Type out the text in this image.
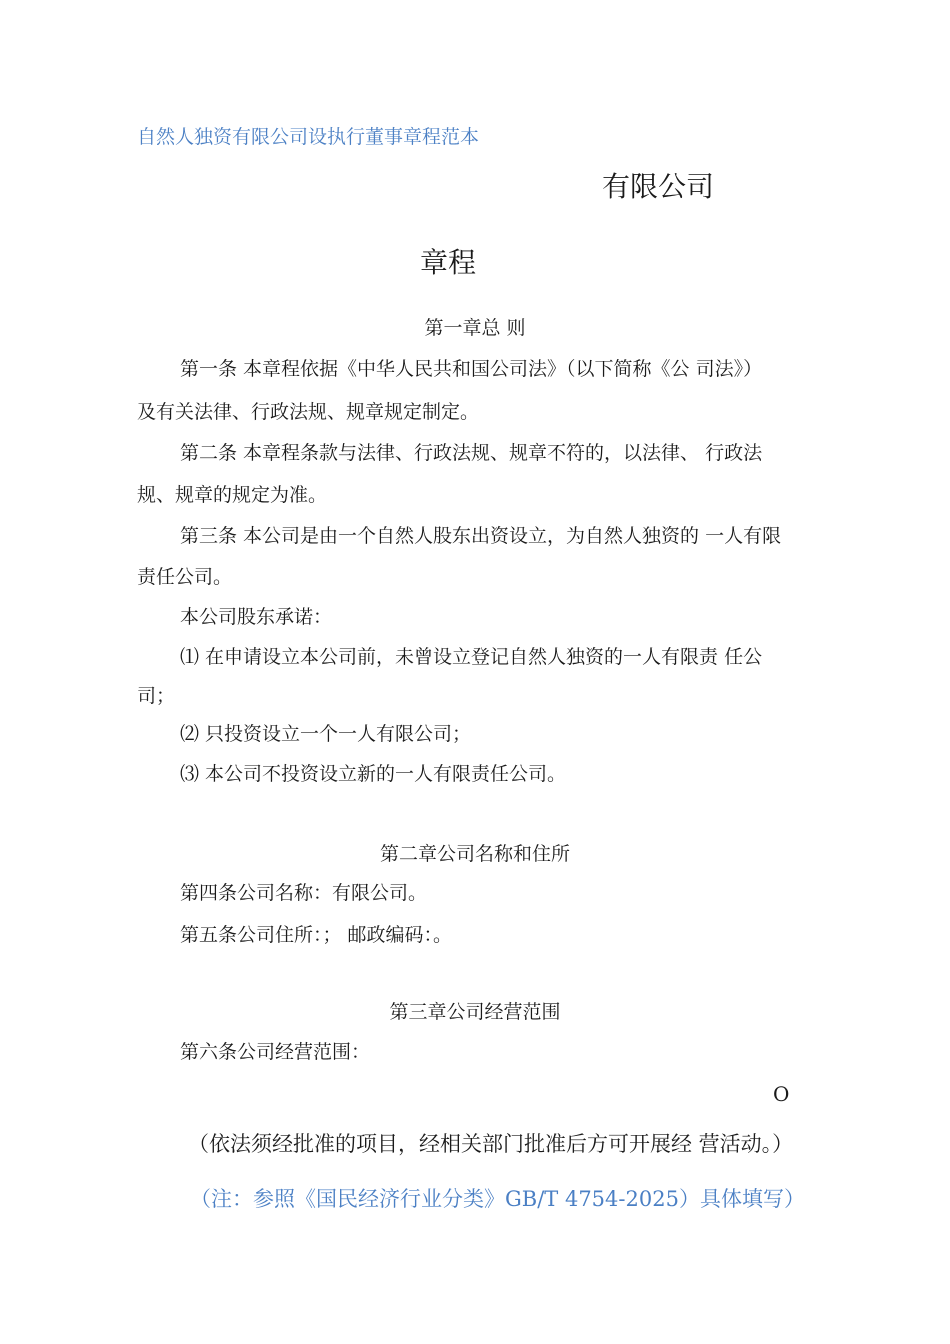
自然人独资有限公司设执行董事章程范本
有限公司
章程
第一章总 则
第一条 本章程依据《中华人民共和国公司法》（以下简称《公 司法》）
及有关法律、行政法规、规章规定制定。
第二条 本章程条款与法律、行政法规、规章不符的，以法律、 行政法
规、规章的规定为准。
第三条 本公司是由一个自然人股东出资设立，为自然人独资的 一人有限
责任公司。
本公司股东承诺：
⑴ 在申请设立本公司前，未曾设立登记自然人独资的一人有限责 任公
司；
⑵ 只投资设立一个一人有限公司；
⑶ 本公司不投资设立新的一人有限责任公司。
第二章公司名称和住所
第四条公司名称：有限公司。
第五条公司住所：； 邮政编码：。
第三章公司经营范围
第六条公司经营范围：
O
（依法须经批准的项目，经相关部门批准后方可开展经 营活动。）
（注：参照《国民经济行业分类》GB/T 4754-2025）具体填写）
